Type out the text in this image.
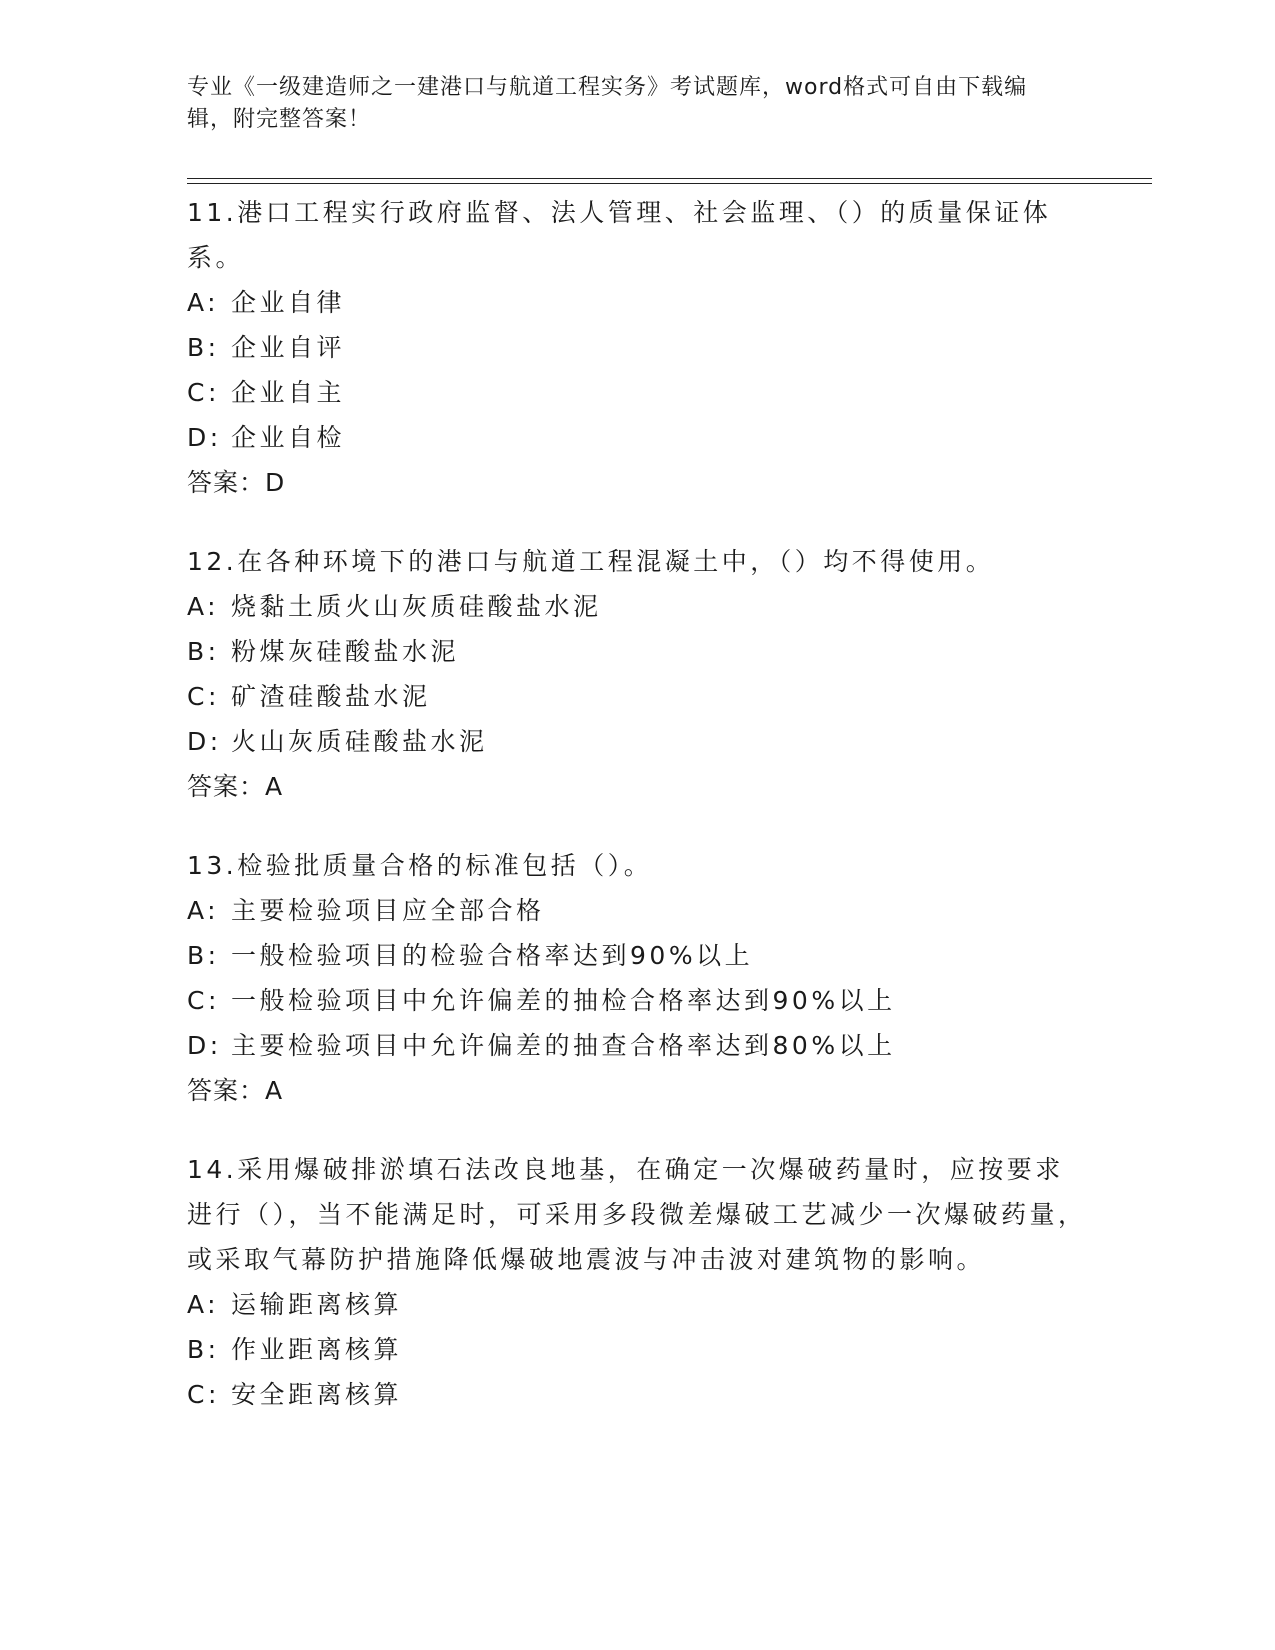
专业《一级建造师之一建港口与航道工程实务》考试题库，word格式可自由下载编辑，附完整答案！

11.港口工程实行政府监督、法人管理、社会监理、（）的质量保证体系。

A: 企业自律

B: 企业自评

C: 企业自主

D: 企业自检

答案：D

12.在各种环境下的港口与航道工程混凝土中，（）均不得使用。

A: 烧黏土质火山灰质硅酸盐水泥

B: 粉煤灰硅酸盐水泥

C: 矿渣硅酸盐水泥

D: 火山灰质硅酸盐水泥

答案：A

13.检验批质量合格的标准包括（）。

A: 主要检验项目应全部合格

B: 一般检验项目的检验合格率达到90%以上

C: 一般检验项目中允许偏差的抽检合格率达到90%以上

D: 主要检验项目中允许偏差的抽查合格率达到80%以上

答案：A

14.采用爆破排淤填石法改良地基，在确定一次爆破药量时，应按要求进行（），当不能满足时，可采用多段微差爆破工艺减少一次爆破药量，或采取气幕防护措施降低爆破地震波与冲击波对建筑物的影响。

A: 运输距离核算

B: 作业距离核算

C: 安全距离核算
